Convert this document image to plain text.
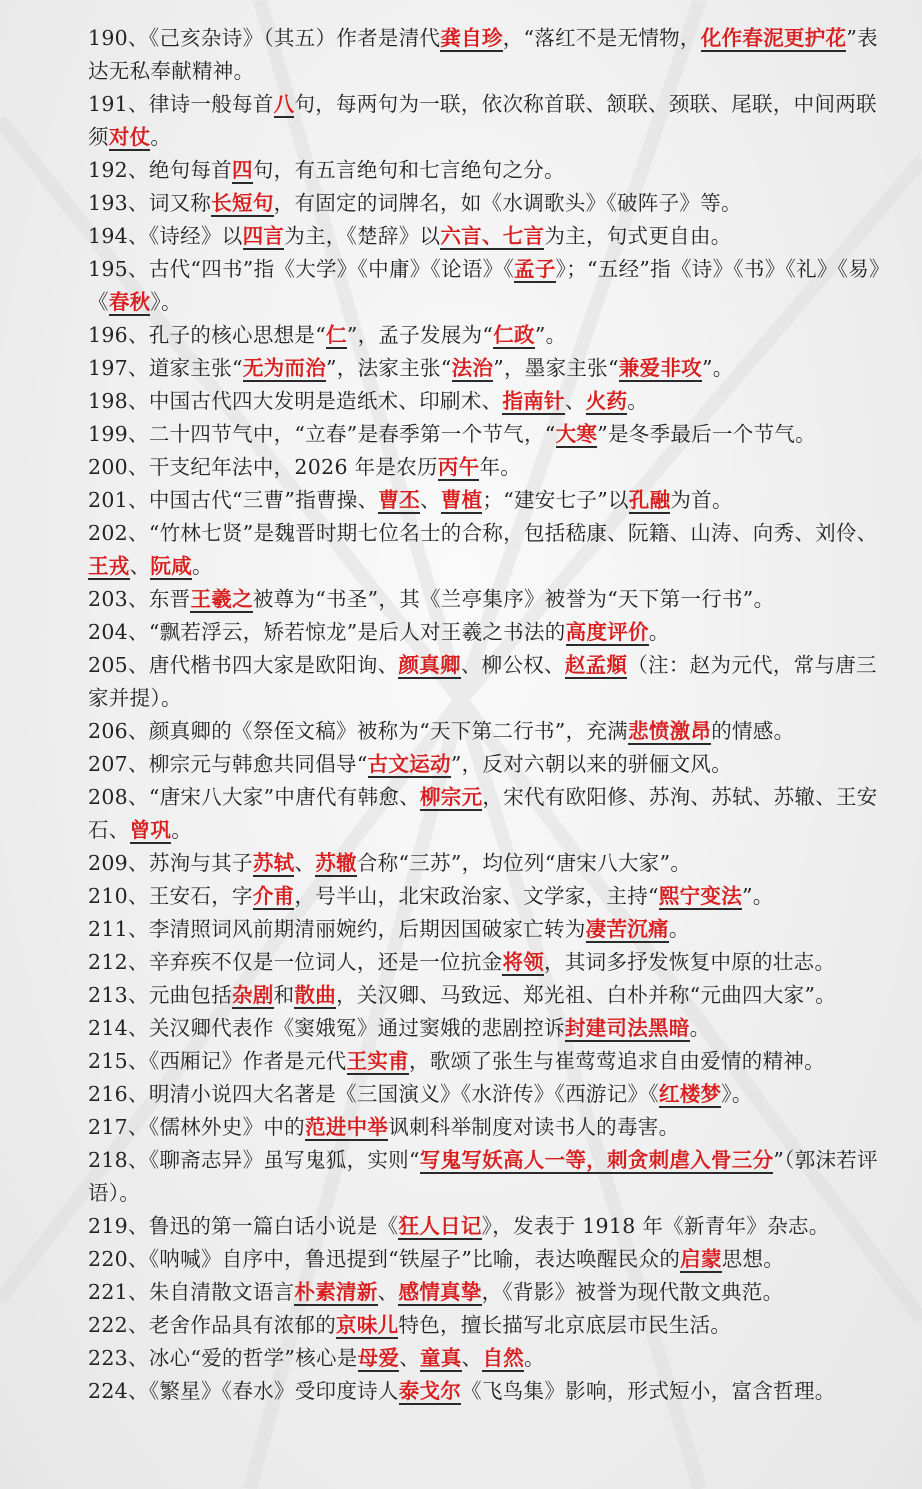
190、《己亥杂诗》（其五）作者是清代龚自珍，“落红不是无情物，化作春泥更护花”表达无私奉献精神。

191、律诗一般每首八句，每两句为一联，依次称首联、颔联、颈联、尾联，中间两联须对仗。

192、绝句每首四句，有五言绝句和七言绝句之分。

193、词又称长短句，有固定的词牌名，如《水调歌头》《破阵子》等。

194、《诗经》以四言为主，《楚辞》以六言、七言为主，句式更自由。

195、古代“四书”指《大学》《中庸》《论语》《孟子》；“五经”指《诗》《书》《礼》《易》《春秋》。

196、孔子的核心思想是“仁”，孟子发展为“仁政”。

197、道家主张“无为而治”，法家主张“法治”，墨家主张“兼爱非攻”。

198、中国古代四大发明是造纸术、印刷术、指南针、火药。

199、二十四节气中，“立春”是春季第一个节气，“大寒”是冬季最后一个节气。

200、干支纪年法中，2026 年是农历丙午年。

201、中国古代“三曹”指曹操、曹丕、曹植；“建安七子”以孔融为首。

202、“竹林七贤”是魏晋时期七位名士的合称，包括嵇康、阮籍、山涛、向秀、刘伶、王戎、阮咸。

203、东晋王羲之被尊为“书圣”，其《兰亭集序》被誉为“天下第一行书”。

204、“飘若浮云，矫若惊龙”是后人对王羲之书法的高度评价。

205、唐代楷书四大家是欧阳询、颜真卿、柳公权、赵孟頫（注：赵为元代，常与唐三家并提）。

206、颜真卿的《祭侄文稿》被称为“天下第二行书”，充满悲愤激昂的情感。

207、柳宗元与韩愈共同倡导“古文运动”，反对六朝以来的骈俪文风。

208、“唐宋八大家”中唐代有韩愈、柳宗元，宋代有欧阳修、苏洵、苏轼、苏辙、王安石、曾巩。

209、苏洵与其子苏轼、苏辙合称“三苏”，均位列“唐宋八大家”。

210、王安石，字介甫，号半山，北宋政治家、文学家，主持“熙宁变法”。

211、李清照词风前期清丽婉约，后期因国破家亡转为凄苦沉痛。

212、辛弃疾不仅是一位词人，还是一位抗金将领，其词多抒发恢复中原的壮志。

213、元曲包括杂剧和散曲，关汉卿、马致远、郑光祖、白朴并称“元曲四大家”。

214、关汉卿代表作《窦娥冤》通过窦娥的悲剧控诉封建司法黑暗。

215、《西厢记》作者是元代王实甫，歌颂了张生与崔莺莺追求自由爱情的精神。

216、明清小说四大名著是《三国演义》《水浒传》《西游记》《红楼梦》。

217、《儒林外史》中的范进中举讽刺科举制度对读书人的毒害。

218、《聊斋志异》虽写鬼狐，实则“写鬼写妖高人一等，刺贪刺虐入骨三分”（郭沫若评语）。

219、鲁迅的第一篇白话小说是《狂人日记》，发表于 1918 年《新青年》杂志。

220、《呐喊》自序中，鲁迅提到“铁屋子”比喻，表达唤醒民众的启蒙思想。

221、朱自清散文语言朴素清新、感情真挚，《背影》被誉为现代散文典范。

222、老舍作品具有浓郁的京味儿特色，擅长描写北京底层市民生活。

223、冰心“爱的哲学”核心是母爱、童真、自然。

224、《繁星》《春水》受印度诗人泰戈尔《飞鸟集》影响，形式短小，富含哲理。
